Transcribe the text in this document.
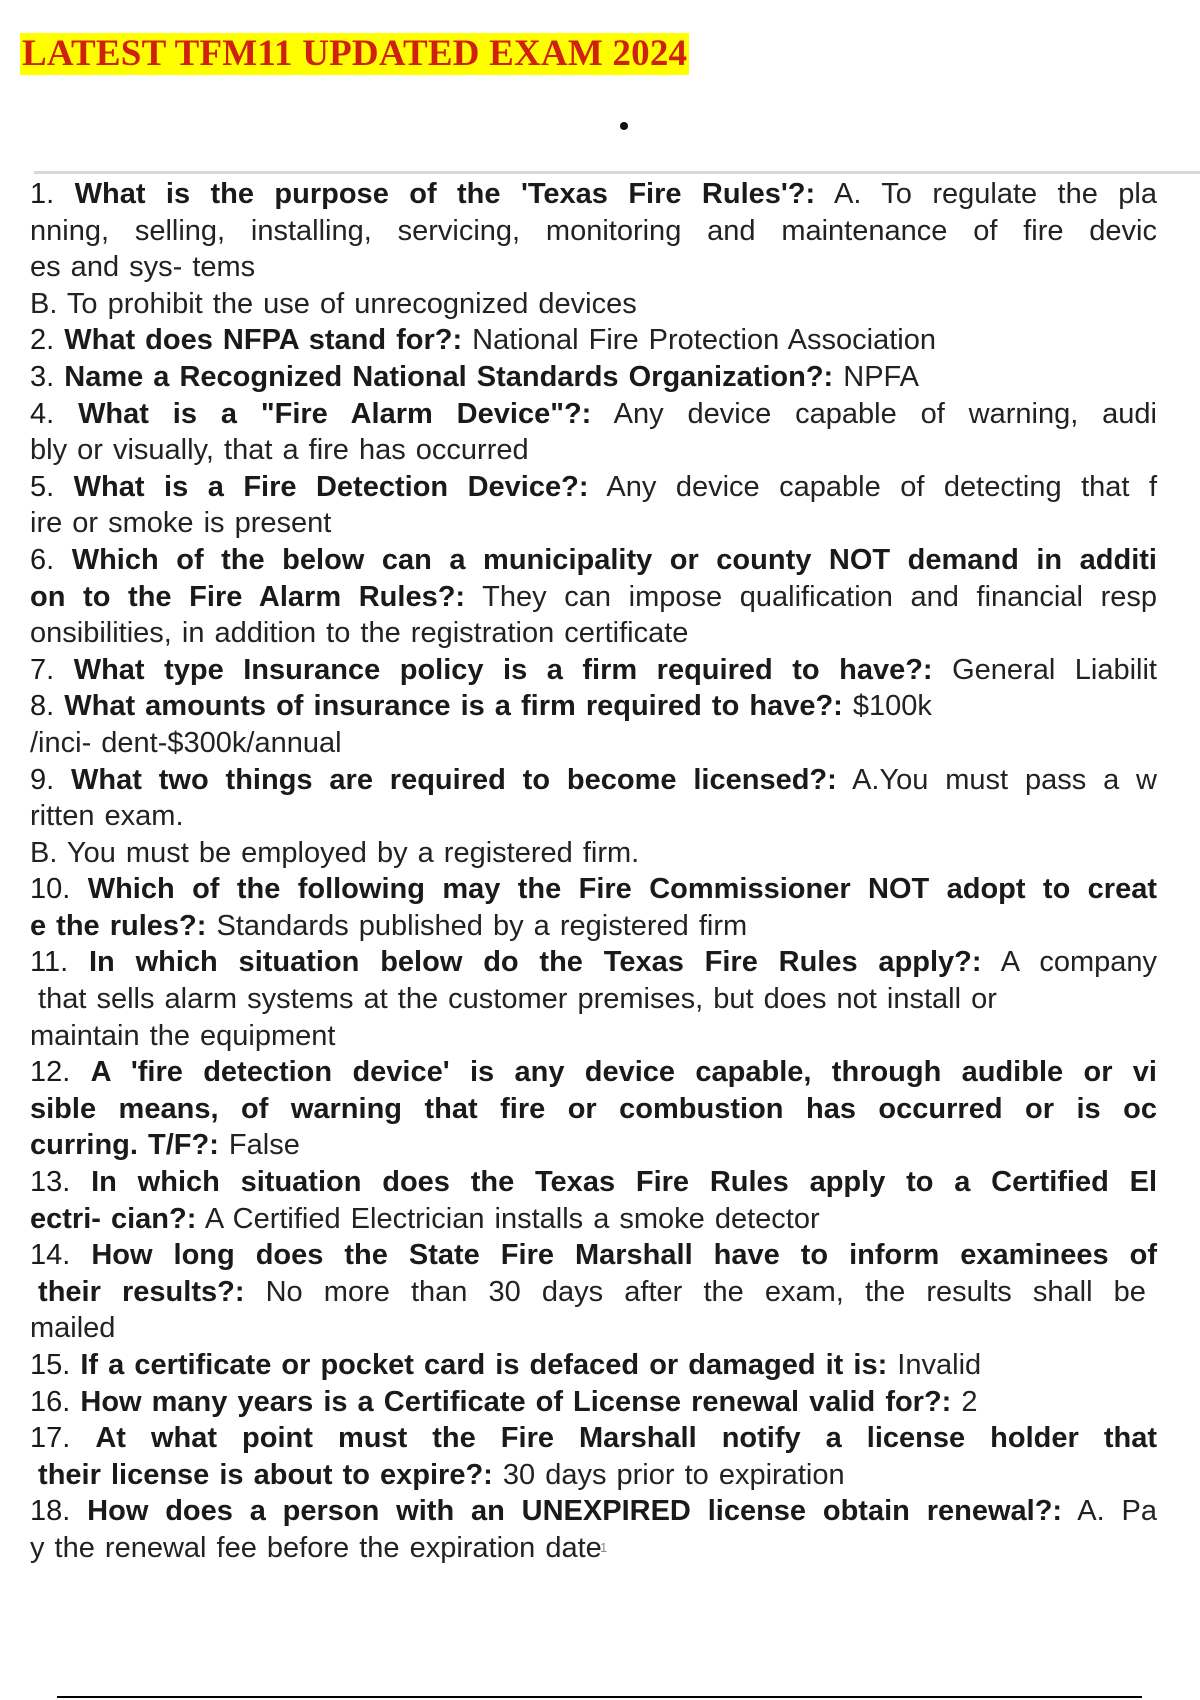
LATEST TFM11 UPDATED EXAM 2024
1. What is the purpose of the 'Texas Fire Rules'?: A. To regulate the pla
nning, selling, installing, servicing, monitoring and maintenance of fire devic
es and sys- tems
B. To prohibit the use of unrecognized devices
2. What does NFPA stand for?: National Fire Protection Association
3. Name a Recognized National Standards Organization?: NPFA
4. What is a "Fire Alarm Device"?: Any device capable of warning, audi
bly or visually, that a fire has occurred
5. What is a Fire Detection Device?: Any device capable of detecting that f
ire or smoke is present
6. Which of the below can a municipality or county NOT demand in additi
on to the Fire Alarm Rules?: They can impose qualification and financial resp
onsibilities, in addition to the registration certificate
7. What type Insurance policy is a firm required to have?: General Liabilit
8. What amounts of insurance is a firm required to have?: $100k
/inci- dent-$300k/annual
9. What two things are required to become licensed?: A.You must pass a w
ritten exam.
B. You must be employed by a registered firm.
10. Which of the following may the Fire Commissioner NOT adopt to creat
e the rules?: Standards published by a registered firm
11. In which situation below do the Texas Fire Rules apply?: A company
that sells alarm systems at the customer premises, but does not install or
maintain the equipment
12. A 'fire detection device' is any device capable, through audible or vi
sible means, of warning that fire or combustion has occurred or is oc
curring. T/F?: False
13. In which situation does the Texas Fire Rules apply to a Certified El
ectri- cian?: A Certified Electrician installs a smoke detector
14. How long does the State Fire Marshall have to inform examinees of
their results?: No more than 30 days after the exam, the results shall be
mailed
15. If a certificate or pocket card is defaced or damaged it is: Invalid
16. How many years is a Certificate of License renewal valid for?: 2
17. At what point must the Fire Marshall notify a license holder that
their license is about to expire?: 30 days prior to expiration
18. How does a person with an UNEXPIRED license obtain renewal?: A. Pa
y the renewal fee before the expiration date
1
